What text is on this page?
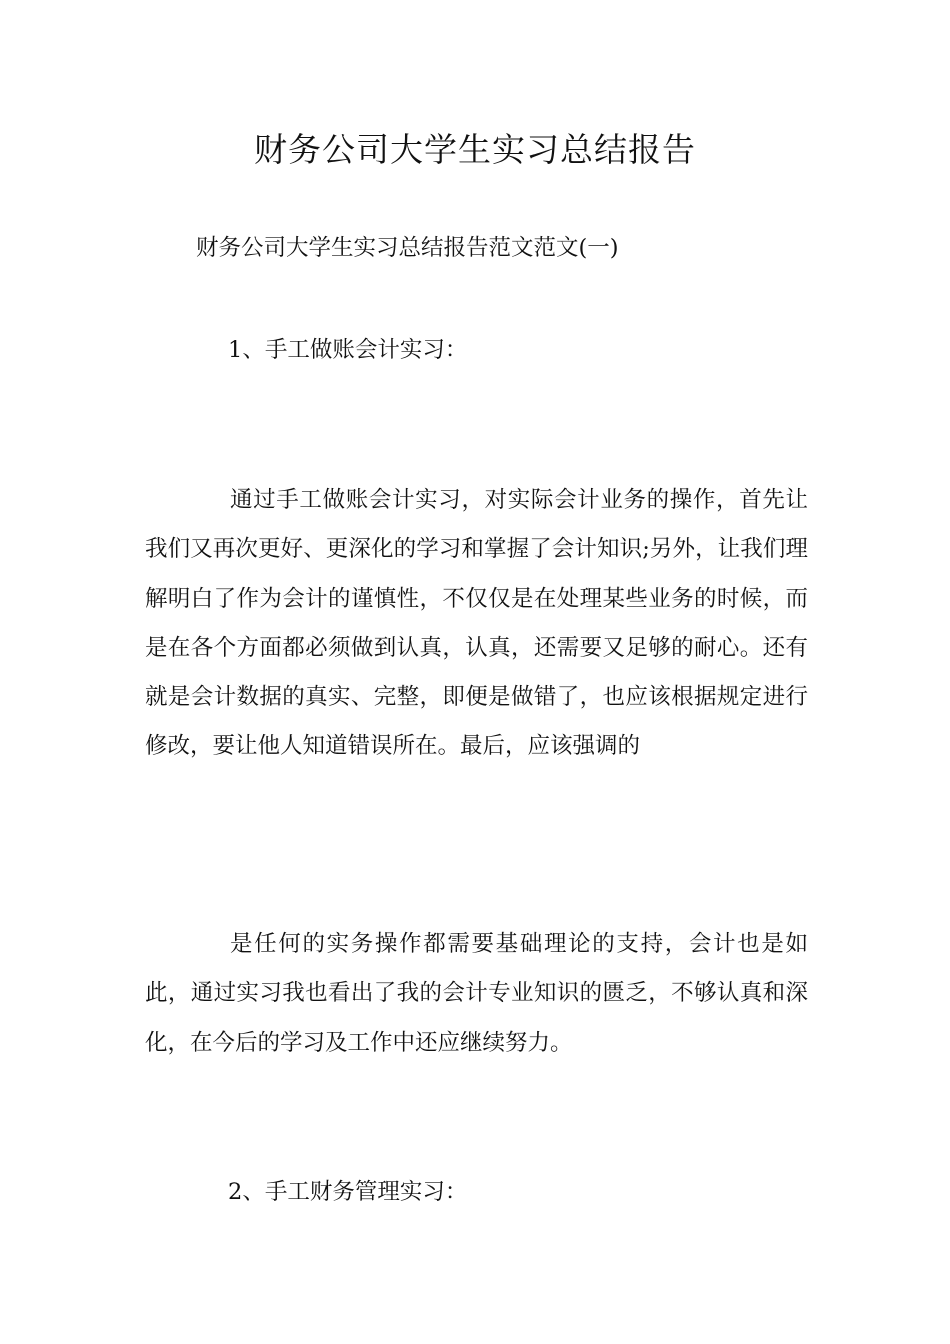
财务公司大学生实习总结报告

财务公司大学生实习总结报告范文范文(一)

1、手工做账会计实习：

通过手工做账会计实习，对实际会计业务的操作，首先让我们又再次更好、更深化的学习和掌握了会计知识;另外，让我们理解明白了作为会计的谨慎性，不仅仅是在处理某些业务的时候，而是在各个方面都必须做到认真，认真，还需要又足够的耐心。还有就是会计数据的真实、完整，即便是做错了，也应该根据规定进行修改，要让他人知道错误所在。最后，应该强调的

是任何的实务操作都需要基础理论的支持，会计也是如此，通过实习我也看出了我的会计专业知识的匮乏，不够认真和深化，在今后的学习及工作中还应继续努力。

2、手工财务管理实习：
